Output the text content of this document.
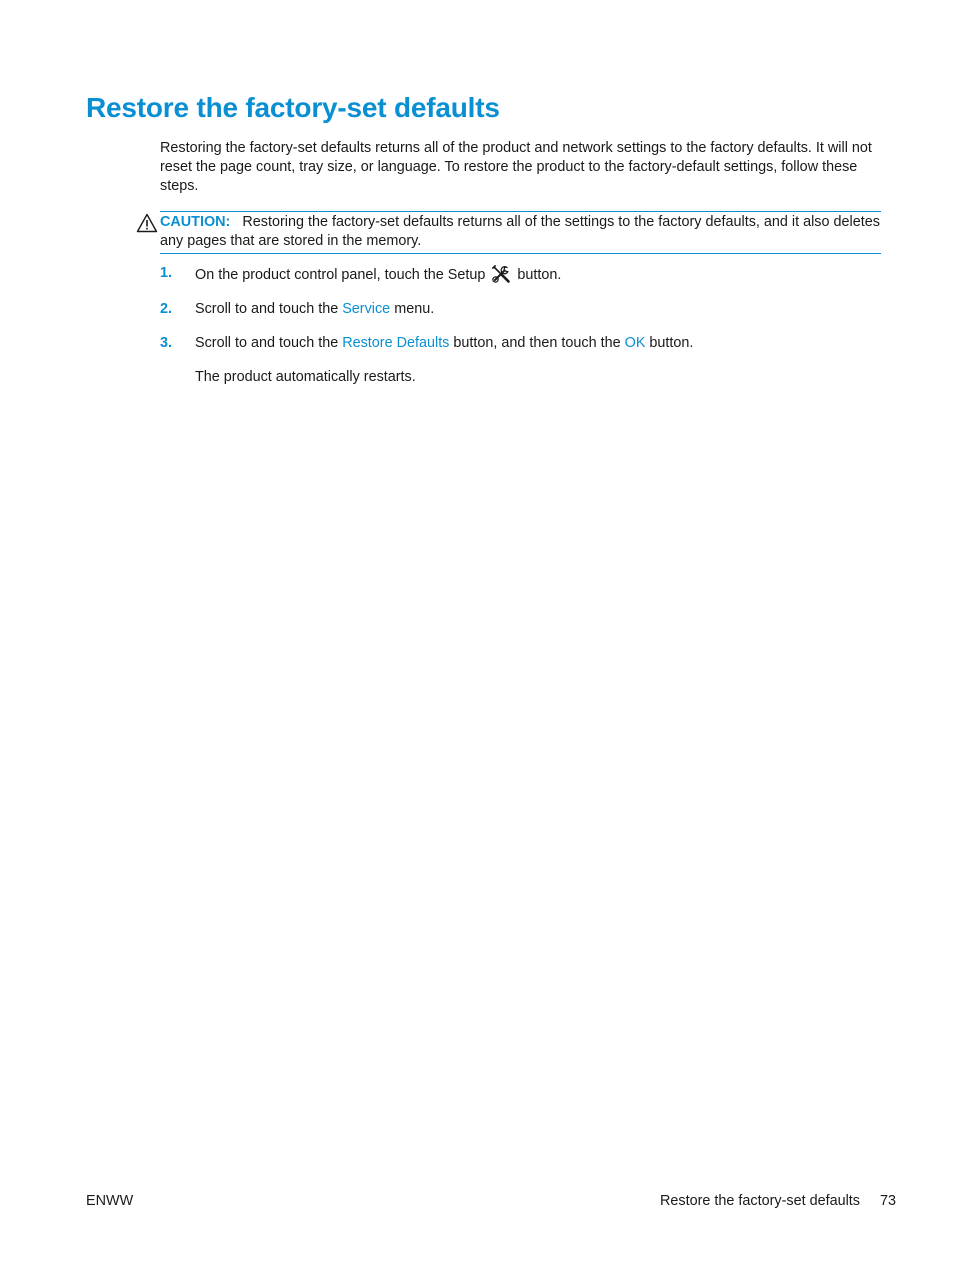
Restore the factory-set defaults

Restoring the factory-set defaults returns all of the product and network settings to the factory defaults. It will not reset the page count, tray size, or language. To restore the product to the factory-default settings, follow these steps.

CAUTION: Restoring the factory-set defaults returns all of the settings to the factory defaults, and it also deletes any pages that are stored in the memory.
1. On the product control panel, touch the Setup button.
2. Scroll to and touch the Service menu.
3. Scroll to and touch the Restore Defaults button, and then touch the OK button.
The product automatically restarts.
ENWW	Restore the factory-set defaults 73
